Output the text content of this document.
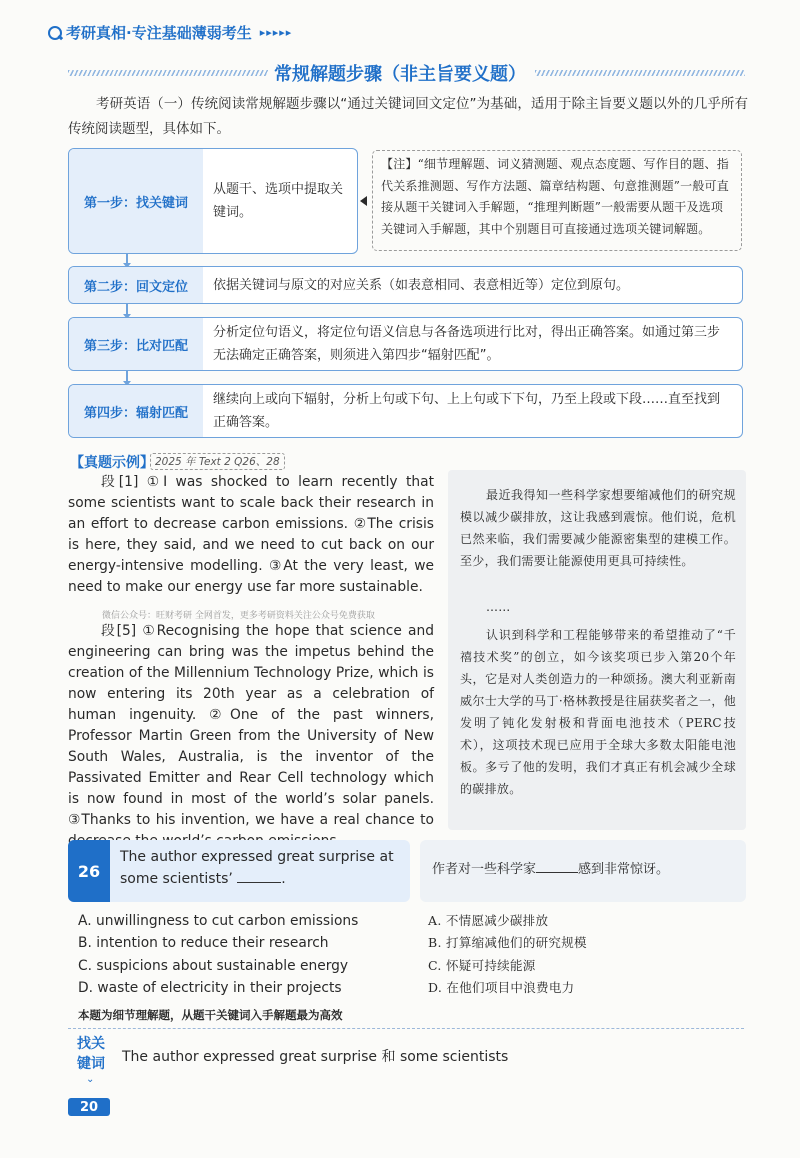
考研真相·专注基础薄弱考生 ▸▸▸▸▸
常规解题步骤（非主旨要义题）
考研英语（一）传统阅读常规解题步骤以“通过关键词回文定位”为基础，适用于除主旨要义题以外的几乎所有传统阅读题型，具体如下。
第一步：找关键词
从题干、选项中提取关键词。
【注】“细节理解题、词义猜测题、观点态度题、写作目的题、指代关系推测题、写作方法题、篇章结构题、句意推测题”一般可直接从题干关键词入手解题，“推理判断题”一般需要从题干及选项关键词入手解题，其中个别题目可直接通过选项关键词解题。
第二步：回文定位	依据关键词与原文的对应关系（如表意相同、表意相近等）定位到原句。
第三步：比对匹配
分析定位句语义，将定位句语义信息与各备选项进行比对，得出正确答案。如通过第三步无法确定正确答案，则须进入第四步“辐射匹配”。
第四步：辐射匹配
继续向上或向下辐射，分析上句或下句、上上句或下下句，乃至上段或下段……直至找到正确答案。
【真题示例】 2025 年 Text 2 Q26、28
段[1] ①I was shocked to learn recently that some scientists want to scale back their research in an effort to decrease carbon emissions. ②The crisis is here, they said, and we need to cut back on our energy-intensive modelling. ③At the very least, we need to make our energy use far more sustainable.
微信公众号：旺财考研 全网首发，更多考研资料关注公众号免费获取
段[5] ①Recognising the hope that science and engineering can bring was the impetus behind the creation of the Millennium Technology Prize, which is now entering its 20th year as a celebration of human ingenuity. ②One of the past winners, Professor Martin Green from the University of New South Wales, Australia, is the inventor of the Passivated Emitter and Rear Cell technology which is now found in most of the world’s solar panels. ③Thanks to his invention, we have a real chance to
最近我得知一些科学家想要缩减他们的研究规模以减少碳排放，这让我感到震惊。他们说，危机已然来临，我们需要减少能源密集型的建模工作。至少，我们需要让能源使用更具可持续性。
……
认识到科学和工程能够带来的希望推动了“千禧技术奖”的创立，如今该奖项已步入第20个年头，它是对人类创造力的一种颂扬。澳大利亚新南威尔士大学的马丁·格林教授是往届获奖者之一，他发明了钝化发射极和背面电池技术（PERC技术），这项技术现已应用于全球大多数太阳能电池板。多亏了他的发明，我们才真正有机会减少全球的碳排放。
26
The author expressed great surprise at some scientists’	.
作者对一些科学家	感到非常惊讶。
A. unwillingness to cut carbon emissions
B. intention to reduce their research
C. suspicions about sustainable energy
D. waste of electricity in their projects
A. 不情愿减少碳排放
B. 打算缩减他们的研究规模
C. 怀疑可持续能源
D. 在他们项目中浪费电力
本题为细节理解题，从题干关键词入手解题最为高效
找关键词
⌄
The author expressed great surprise 和 some scientists
20
